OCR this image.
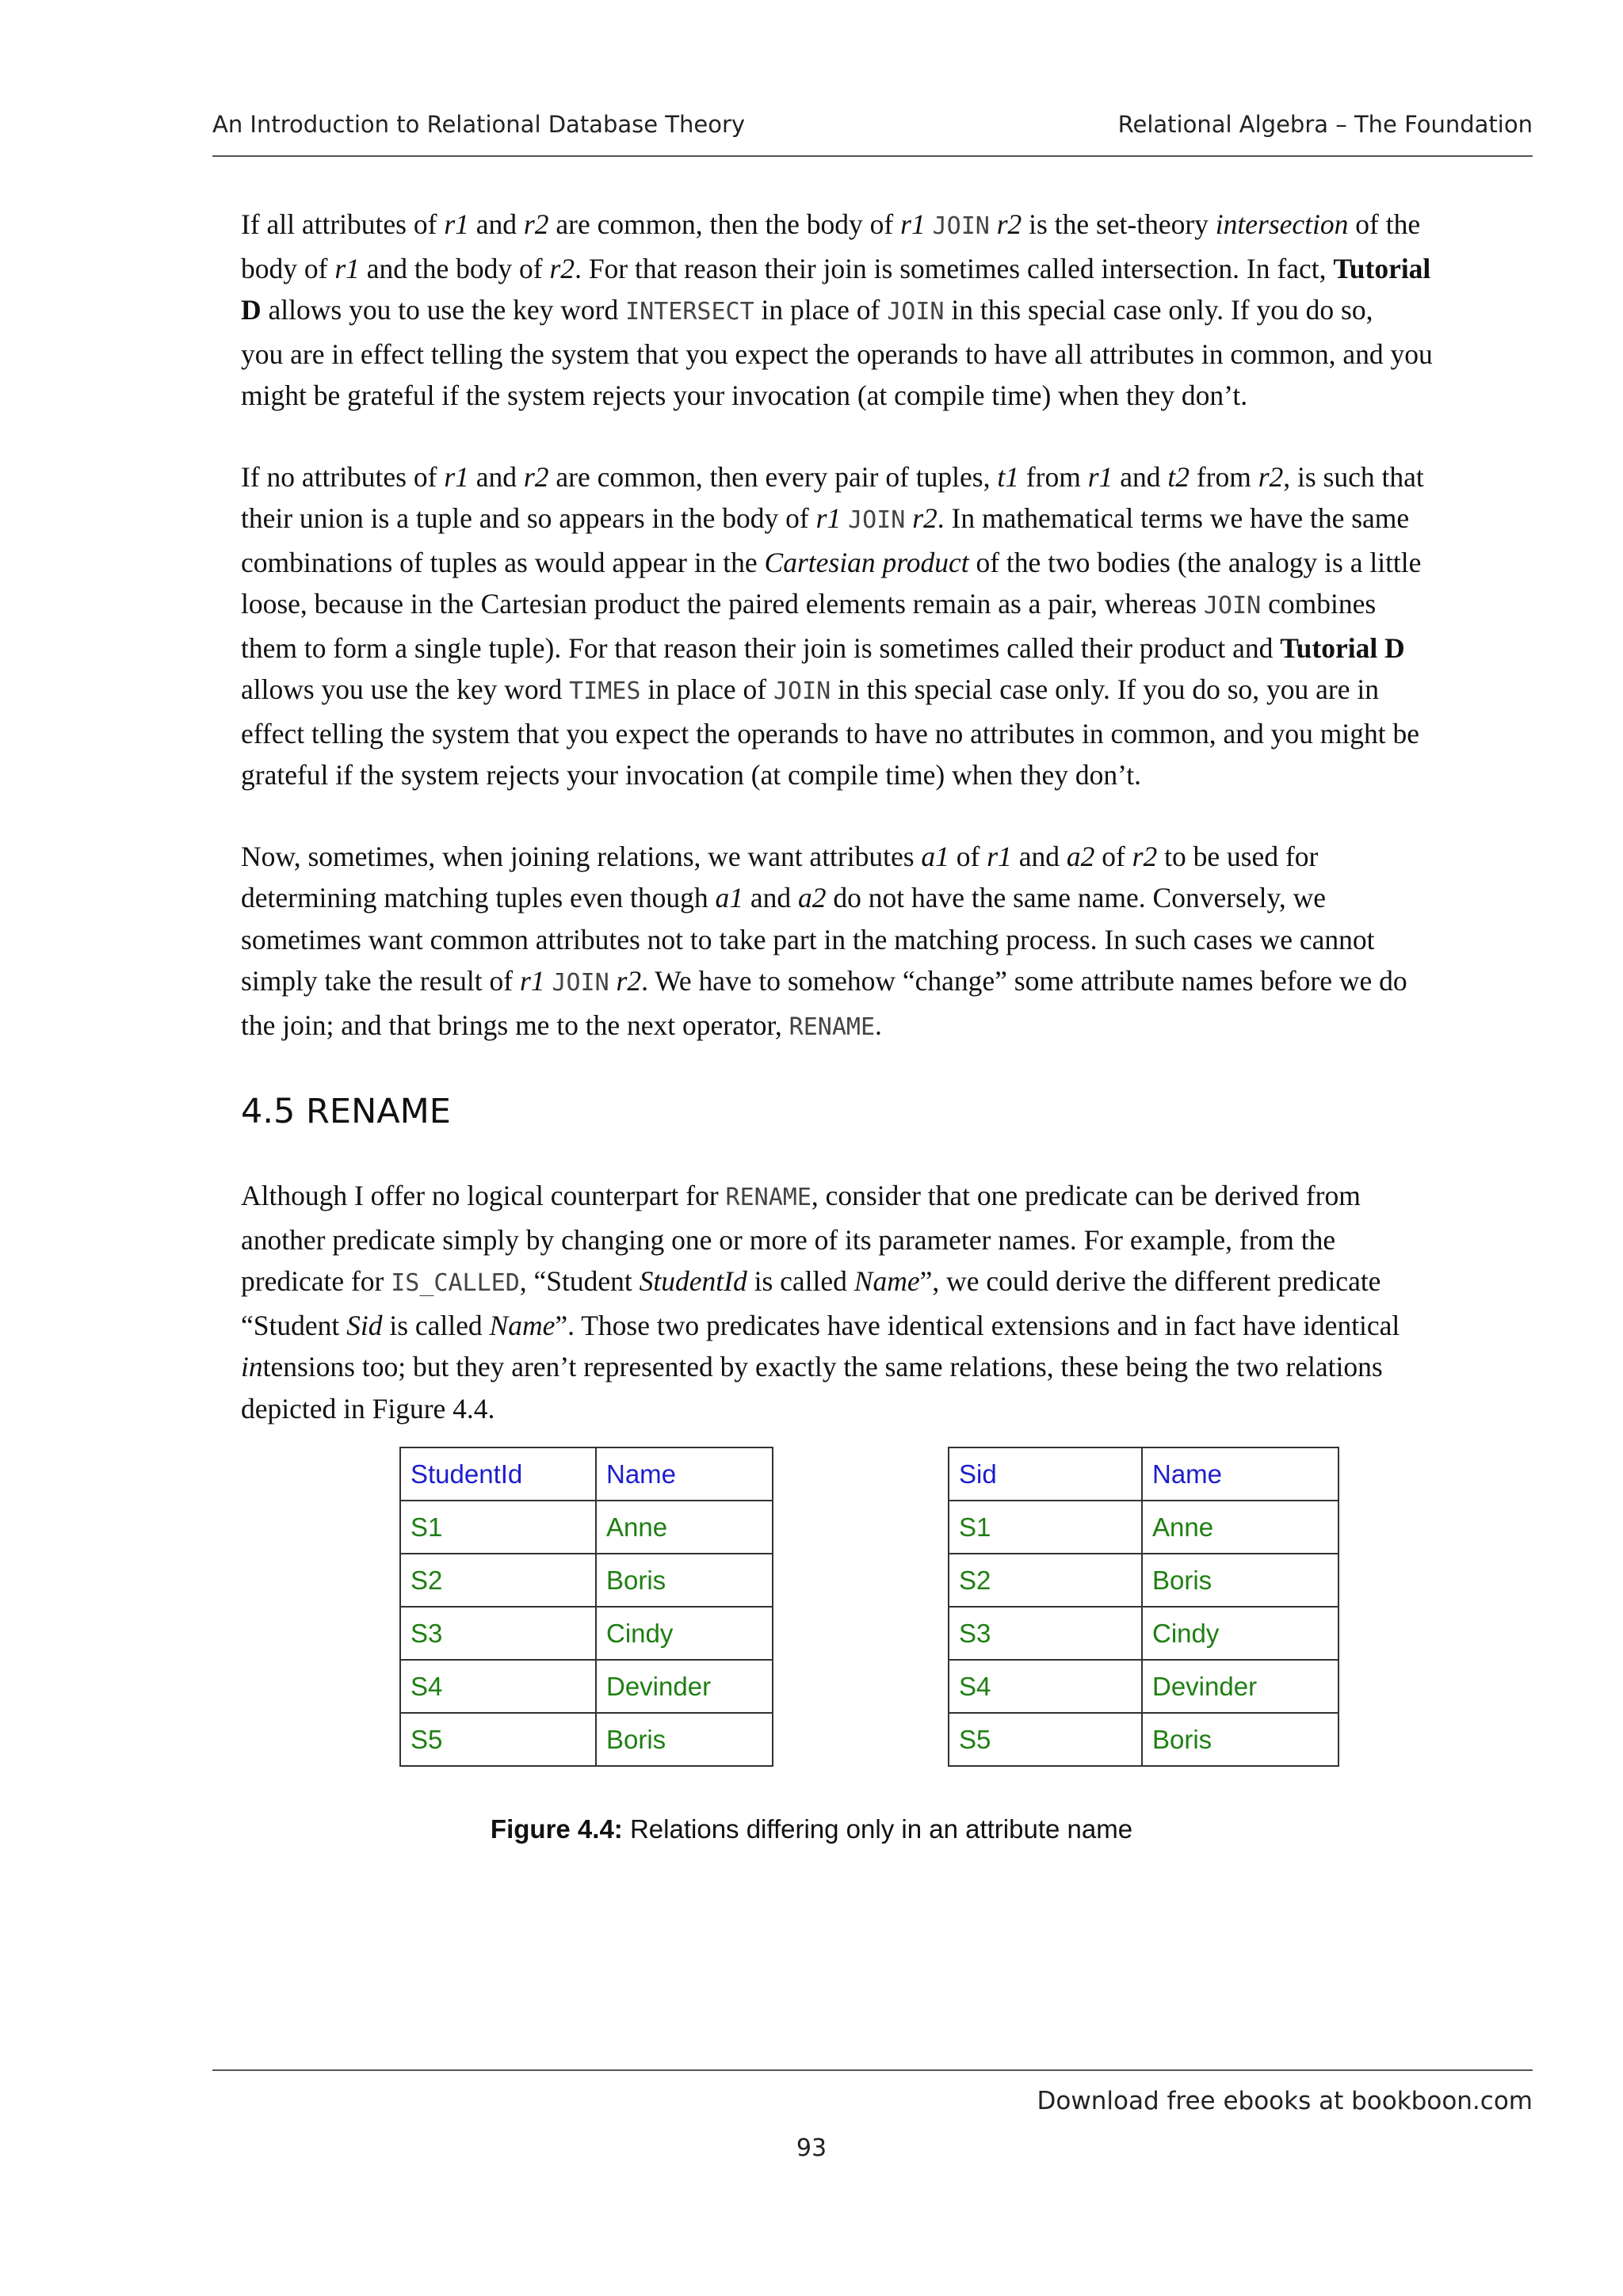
An Introduction to Relational Database Theory	Relational Algebra – The Foundation

If all attributes of r1 and r2 are common, then the body of r1 JOIN r2 is the set-theory intersection of the
body of r1 and the body of r2. For that reason their join is sometimes called intersection. In fact, Tutorial
D allows you to use the key word INTERSECT in place of JOIN in this special case only. If you do so,
you are in effect telling the system that you expect the operands to have all attributes in common, and you
might be grateful if the system rejects your invocation (at compile time) when they don’t.

If no attributes of r1 and r2 are common, then every pair of tuples, t1 from r1 and t2 from r2, is such that
their union is a tuple and so appears in the body of r1 JOIN r2. In mathematical terms we have the same
combinations of tuples as would appear in the Cartesian product of the two bodies (the analogy is a little
loose, because in the Cartesian product the paired elements remain as a pair, whereas JOIN combines
them to form a single tuple). For that reason their join is sometimes called their product and Tutorial D
allows you use the key word TIMES in place of JOIN in this special case only. If you do so, you are in
effect telling the system that you expect the operands to have no attributes in common, and you might be
grateful if the system rejects your invocation (at compile time) when they don’t.

Now, sometimes, when joining relations, we want attributes a1 of r1 and a2 of r2 to be used for
determining matching tuples even though a1 and a2 do not have the same name. Conversely, we
sometimes want common attributes not to take part in the matching process. In such cases we cannot
simply take the result of r1 JOIN r2. We have to somehow “change” some attribute names before we do
the join; and that brings me to the next operator, RENAME.

4.5 RENAME

Although I offer no logical counterpart for RENAME, consider that one predicate can be derived from
another predicate simply by changing one or more of its parameter names. For example, from the
predicate for IS_CALLED, “Student StudentId is called Name”, we could derive the different predicate
“Student Sid is called Name”. Those two predicates have identical extensions and in fact have identical
intensions too; but they aren’t represented by exactly the same relations, these being the two relations
depicted in Figure 4.4.

StudentId	Name
S1	Anne
S2	Boris
S3	Cindy
S4	Devinder
S5	Boris
Sid	Name
S1	Anne
S2	Boris
S3	Cindy
S4	Devinder
S5	Boris
Figure 4.4: Relations differing only in an attribute name
Download free ebooks at bookboon.com
93
